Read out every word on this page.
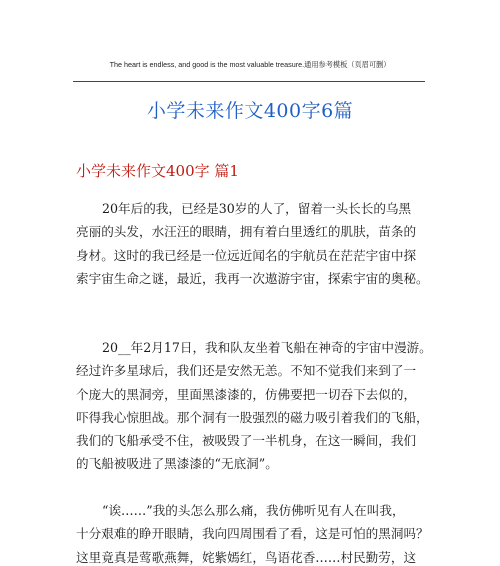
The heart is endless, and good is the most valuable treasure.通用参考模板（页眉可删）
小学未来作文400字6篇
小学未来作文400字 篇1
20年后的我，已经是30岁的人了，留着一头长长的乌黑
亮丽的头发，水汪汪的眼睛，拥有着白里透红的肌肤，苗条的
身材。这时的我已经是一位远近闻名的宇航员在茫茫宇宙中探
索宇宙生命之谜，最近，我再一次遨游宇宙，探索宇宙的奥秘。
20__年2月17日，我和队友坐着飞船在神奇的宇宙中漫游。
经过许多星球后，我们还是安然无恙。不知不觉我们来到了一
个庞大的黑洞旁，里面黑漆漆的，仿佛要把一切吞下去似的，
吓得我心惊胆战。那个洞有一股强烈的磁力吸引着我们的飞船，
我们的飞船承受不住，被吸毁了一半机身，在这一瞬间，我们
的飞船被吸进了黑漆漆的“无底洞”。
“诶……”我的头怎么那么痛，我仿佛听见有人在叫我，
十分艰难的睁开眼睛，我向四周围看了看，这是可怕的黑洞吗？
这里竟真是莺歌燕舞，姹紫嫣红，鸟语花香……村民勤劳，这
